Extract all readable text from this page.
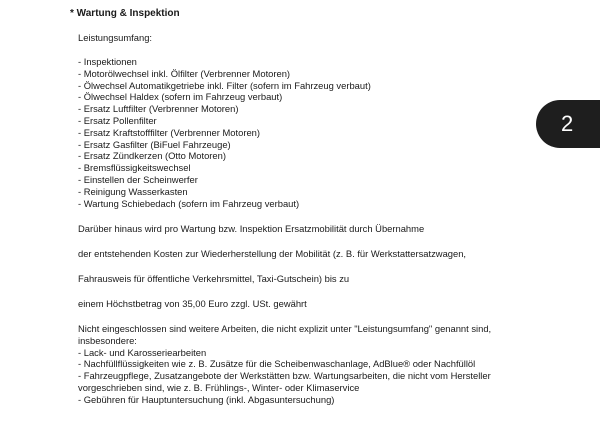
* Wartung & Inspektion
Leistungsumfang:
- Inspektionen
- Motorölwechsel inkl. Ölfilter (Verbrenner Motoren)
- Ölwechsel Automatikgetriebe inkl. Filter (sofern im Fahrzeug verbaut)
- Ölwechsel Haldex (sofern im Fahrzeug verbaut)
- Ersatz Luftfilter (Verbrenner Motoren)
- Ersatz Pollenfilter
- Ersatz Kraftstofffilter (Verbrenner Motoren)
- Ersatz Gasfilter (BiFuel Fahrzeuge)
- Ersatz Zündkerzen (Otto Motoren)
- Bremsflüssigkeitswechsel
- Einstellen der Scheinwerfer
- Reinigung Wasserkasten
- Wartung Schiebedach (sofern im Fahrzeug verbaut)
Darüber hinaus wird pro Wartung bzw. Inspektion Ersatzmobilität durch Übernahme
der entstehenden Kosten zur Wiederherstellung der Mobilität (z. B. für Werkstattersatzwagen,
Fahrausweis für öffentliche Verkehrsmittel, Taxi-Gutschein) bis zu
einem Höchstbetrag von 35,00 Euro zzgl. USt. gewährt
Nicht eingeschlossen sind weitere Arbeiten, die nicht explizit unter "Leistungsumfang" genannt sind,
insbesondere:
- Lack- und Karosseriearbeiten
- Nachfüllflüssigkeiten wie z. B. Zusätze für die Scheibenwaschanlage, AdBlue® oder Nachfüllöl
- Fahrzeugpflege, Zusatzangebote der Werkstätten bzw. Wartungsarbeiten, die nicht vom Hersteller
vorgeschrieben sind, wie z. B. Frühlings-, Winter- oder Klimaservice
- Gebühren für Hauptuntersuchung (inkl. Abgasuntersuchung)
2
